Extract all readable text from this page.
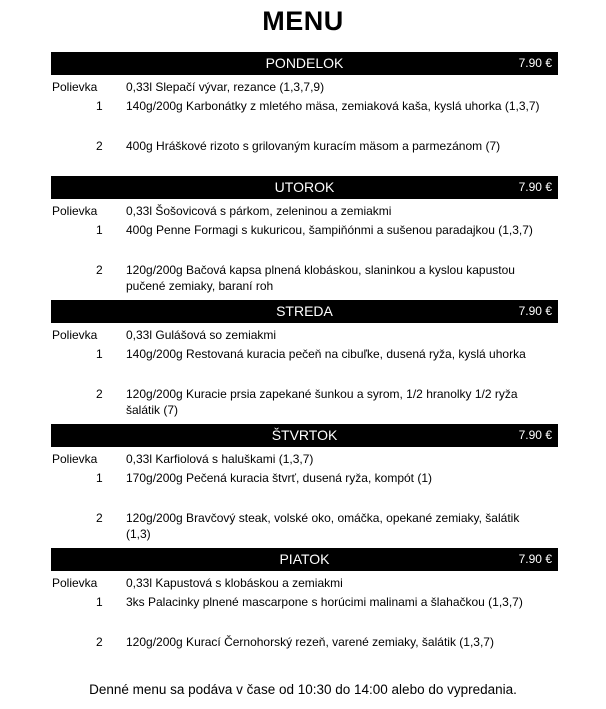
MENU
PONDELOK	7.90 €
Polievka 0,33l Slepačí vývar, rezance (1,3,7,9)
1 140g/200g Karbonátky z mletého mäsa, zemiaková kaša, kyslá uhorka (1,3,7)
2 400g Hráškové rizoto s grilovaným kuracím mäsom a parmezánom (7)
UTOROK	7.90 €
Polievka 0,33l Šošovicová s párkom, zeleninou a zemiakmi
1 400g Penne Formagi s kukuricou, šampiňónmi a sušenou paradajkou (1,3,7)
2 120g/200g Bačová kapsa plnená klobáskou, slaninkou a kyslou kapustou pučené zemiaky, baraní roh
STREDA	7.90 €
Polievka 0,33l Gulášová so zemiakmi
1 140g/200g Restovaná kuracia pečeň na cibuľke, dusená ryža, kyslá uhorka
2 120g/200g Kuracie prsia zapekané šunkou a syrom, 1/2 hranolky 1/2 ryža šalátik (7)
ŠTVRTOK	7.90 €
Polievka 0,33l Karfiolová s haluškami (1,3,7)
1 170g/200g Pečená kuracia štvrť, dusená ryža, kompót (1)
2 120g/200g Bravčový steak, volské oko, omáčka, opekané zemiaky, šalátik (1,3)
PIATOK	7.90 €
Polievka 0,33l Kapustová s klobáskou a zemiakmi
1 3ks Palacinky plnené mascarpone s horúcimi malinami a šlahačkou (1,3,7)
2 120g/200g Kurací Černohorský rezeň, varené zemiaky, šalátik (1,3,7)
Denné menu sa podáva v čase od 10:30 do 14:00 alebo do vypredania.
